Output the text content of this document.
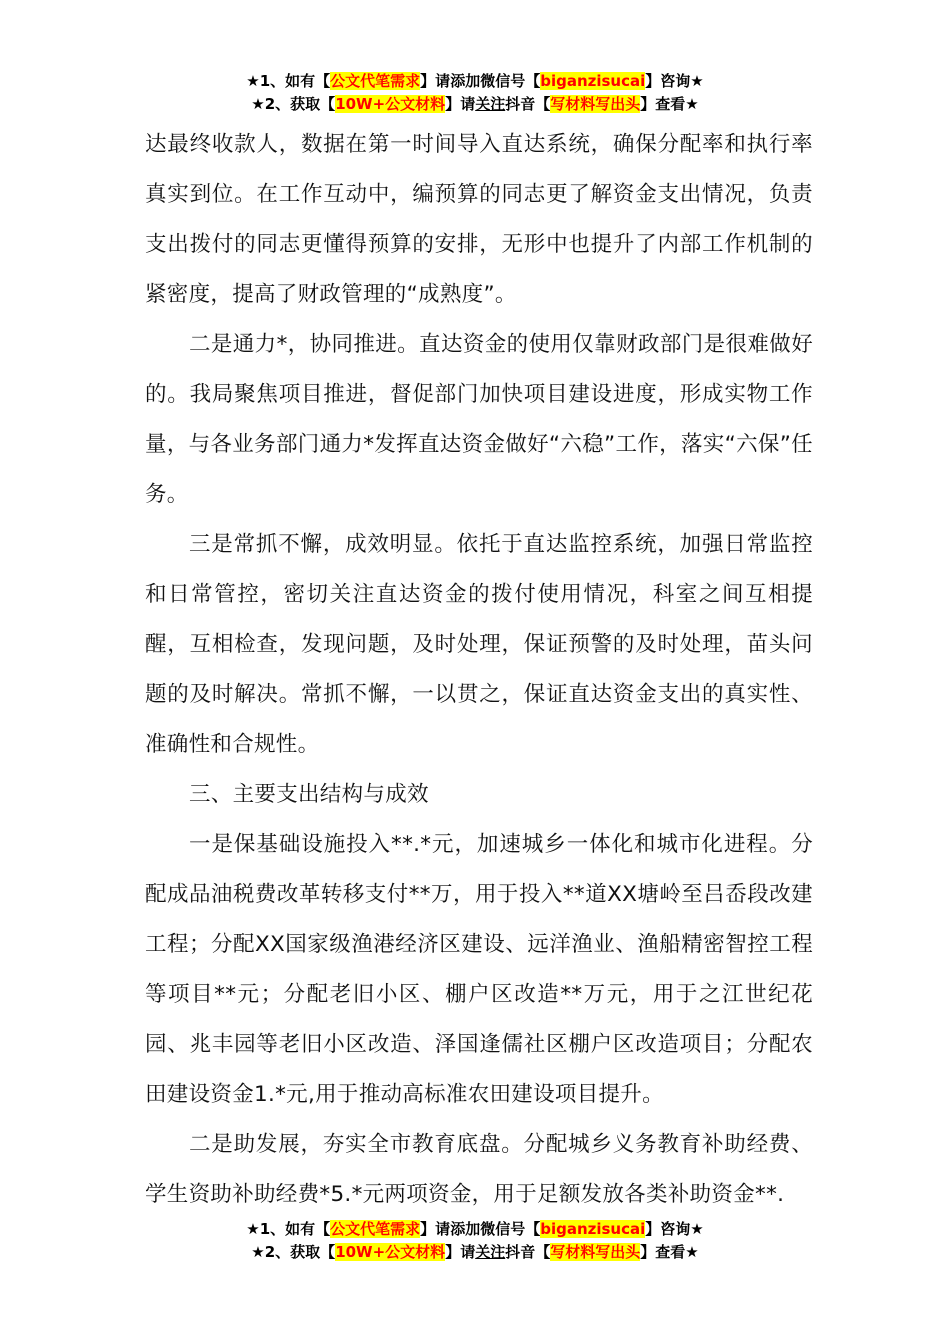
★1、如有【公文代笔需求】请添加微信号【biganzisucai】咨询★
★2、获取【10W+公文材料】请关注抖音【写材料写出头】查看★

达最终收款人，数据在第一时间导入直达系统，确保分配率和执行率真实到位。在工作互动中，编预算的同志更了解资金支出情况，负责支出拨付的同志更懂得预算的安排，无形中也提升了内部工作机制的紧密度，提高了财政管理的“成熟度”。

二是通力*，协同推进。直达资金的使用仅靠财政部门是很难做好的。我局聚焦项目推进，督促部门加快项目建设进度，形成实物工作量，与各业务部门通力*发挥直达资金做好“六稳”工作，落实“六保”任务。

三是常抓不懈，成效明显。依托于直达监控系统，加强日常监控和日常管控，密切关注直达资金的拨付使用情况，科室之间互相提醒，互相检查，发现问题，及时处理，保证预警的及时处理，苗头问题的及时解决。常抓不懈，一以贯之，保证直达资金支出的真实性、准确性和合规性。

三、主要支出结构与成效

一是保基础设施投入**.*元，加速城乡一体化和城市化进程。分配成品油税费改革转移支付**万，用于投入**道XX塘岭至吕岙段改建工程；分配XX国家级渔港经济区建设、远洋渔业、渔船精密智控工程等项目**元；分配老旧小区、棚户区改造**万元，用于之江世纪花园、兆丰园等老旧小区改造、泽国逢儒社区棚户区改造项目；分配农田建设资金1.*元,用于推动高标准农田建设项目提升。

二是助发展，夯实全市教育底盘。分配城乡义务教育补助经费、学生资助补助经费*5.*元两项资金，用于足额发放各类补助资金**.

★1、如有【公文代笔需求】请添加微信号【biganzisucai】咨询★
★2、获取【10W+公文材料】请关注抖音【写材料写出头】查看★
